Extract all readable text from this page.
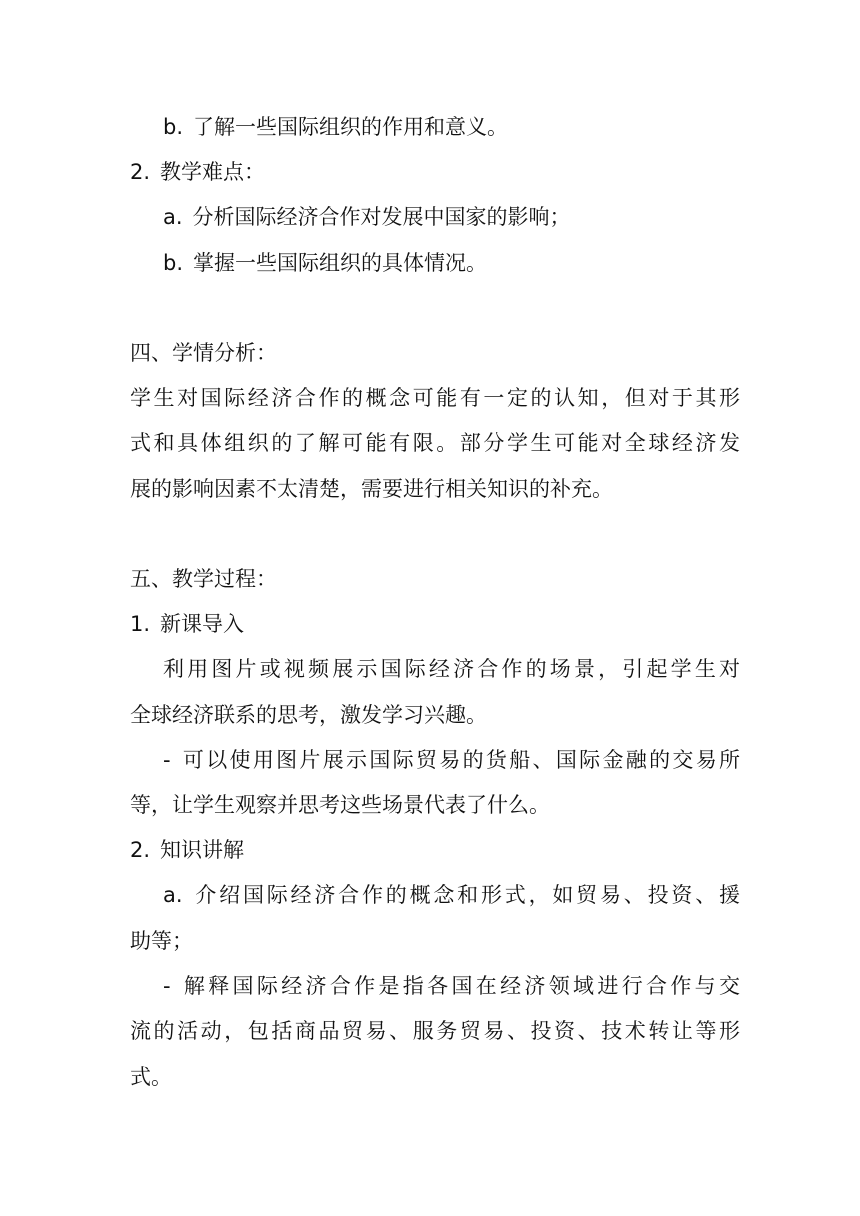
b. 了解一些国际组织的作用和意义。
2. 教学难点：
a. 分析国际经济合作对发展中国家的影响；
b. 掌握一些国际组织的具体情况。
四、学情分析：
学生对国际经济合作的概念可能有一定的认知，但对于其形
式和具体组织的了解可能有限。部分学生可能对全球经济发
展的影响因素不太清楚，需要进行相关知识的补充。
五、教学过程：
1. 新课导入
利用图片或视频展示国际经济合作的场景，引起学生对
全球经济联系的思考，激发学习兴趣。
- 可以使用图片展示国际贸易的货船、国际金融的交易所
等，让学生观察并思考这些场景代表了什么。
2. 知识讲解
a. 介绍国际经济合作的概念和形式，如贸易、投资、援
助等；
- 解释国际经济合作是指各国在经济领域进行合作与交
流的活动，包括商品贸易、服务贸易、投资、技术转让等形
式。
